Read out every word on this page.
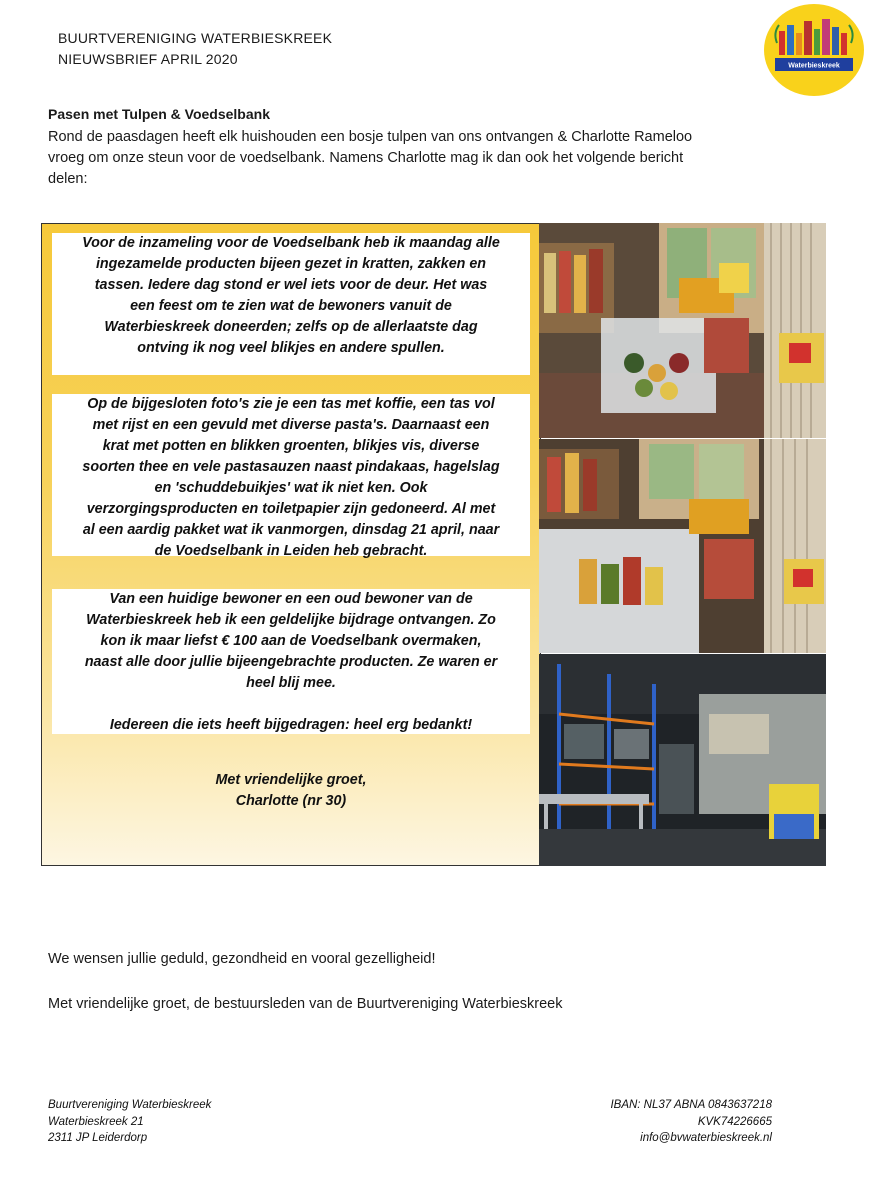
BUURTVERENIGING WATERBIESKREEK
NIEUWSBRIEF APRIL 2020	Waterbieskreek
Pasen met Tulpen & Voedselbank
Rond de paasdagen heeft elk huishouden een bosje tulpen van ons ontvangen & Charlotte Rameloo
vroeg om onze steun voor de voedselbank. Namens Charlotte mag ik dan ook het volgende bericht
delen:
Voor de inzameling voor de Voedselbank heb ik maandag alle
ingezamelde producten bijeen gezet in kratten, zakken en
tassen. Iedere dag stond er wel iets voor de deur. Het was
een feest om te zien wat de bewoners vanuit de
Waterbieskreek doneerden; zelfs op de allerlaatste dag
ontving ik nog veel blikjes en andere spullen.
Op de bijgesloten foto's zie je een tas met koffie, een tas vol
met rijst en een gevuld met diverse pasta's. Daarnaast een
krat met potten en blikken groenten, blikjes vis, diverse
soorten thee en vele pastasauzen naast pindakaas, hagelslag
en 'schuddebuikjes' wat ik niet ken. Ook
verzorgingsproducten en toiletpapier zijn gedoneerd. Al met
al een aardig pakket wat ik vanmorgen, dinsdag 21 april, naar
de Voedselbank in Leiden heb gebracht.
Van een huidige bewoner en een oud bewoner van de
Waterbieskreek heb ik een geldelijke bijdrage ontvangen. Zo
kon ik maar liefst € 100 aan de Voedselbank overmaken,
naast alle door jullie bijeengebrachte producten. Ze waren er
heel blij mee.
Iedereen die iets heeft bijgedragen: heel erg bedankt!
Met vriendelijke groet,
Charlotte (nr 30)
We wensen jullie geduld, gezondheid en vooral gezelligheid!
Met vriendelijke groet, de bestuursleden van de Buurtvereniging Waterbieskreek
Buurtvereniging Waterbieskreek
Waterbieskreek 21
2311 JP Leiderdorp
IBAN: NL37 ABNA 0843637218
KVK74226665
info@bvwaterbieskreek.nl
